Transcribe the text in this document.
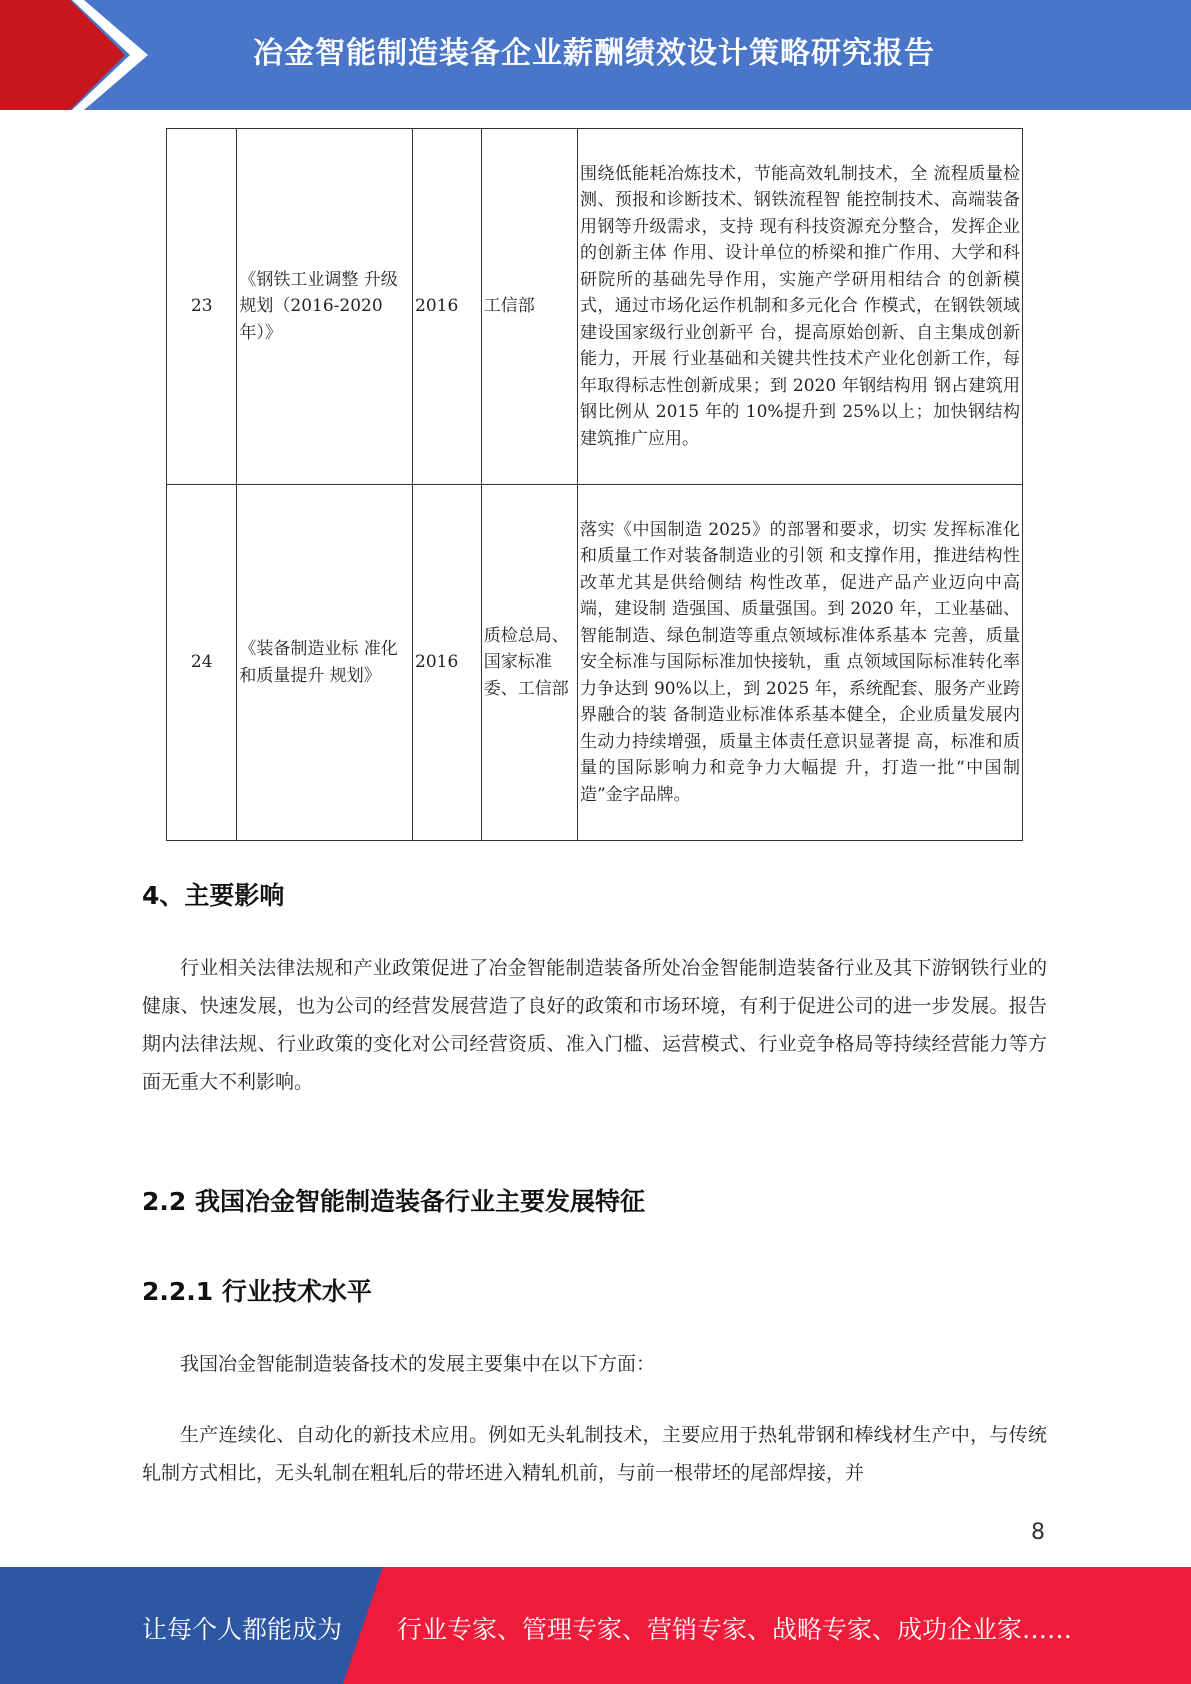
冶金智能制造装备企业薪酬绩效设计策略研究报告
23	《钢铁工业调整 升级规划（2016-2020年）》	2016	工信部	围绕低能耗冶炼技术，节能高效轧制技术，全 流程质量检测、预报和诊断技术、钢铁流程智 能控制技术、高端装备用钢等升级需求，支持 现有科技资源充分整合，发挥企业的创新主体 作用、设计单位的桥梁和推广作用、大学和科 研院所的基础先导作用，实施产学研用相结合 的创新模式，通过市场化运作机制和多元化合 作模式，在钢铁领域建设国家级行业创新平 台，提高原始创新、自主集成创新能力，开展 行业基础和关键共性技术产业化创新工作，每 年取得标志性创新成果；到 2020 年钢结构用 钢占建筑用钢比例从 2015 年的 10%提升到 25%以上；加快钢结构建筑推广应用。
24	《装备制造业标 准化和质量提升 规划》	2016	质检总局、国家标准委、工信部	落实《中国制造 2025》的部署和要求，切实 发挥标准化和质量工作对装备制造业的引领 和支撑作用，推进结构性改革尤其是供给侧结 构性改革，促进产品产业迈向中高端，建设制 造强国、质量强国。到 2020 年，工业基础、 智能制造、绿色制造等重点领域标准体系基本 完善，质量安全标准与国际标准加快接轨，重 点领域国际标准转化率力争达到 90%以上，到 2025 年，系统配套、服务产业跨界融合的装 备制造业标准体系基本健全，企业质量发展内 生动力持续增强，质量主体责任意识显著提 高，标准和质量的国际影响力和竞争力大幅提 升，打造一批“中国制造”金字品牌。
4、主要影响

行业相关法律法规和产业政策促进了冶金智能制造装备所处冶金智能制造装备行业及其下游钢铁行业的健康、快速发展，也为公司的经营发展营造了良好的政策和市场环境，有利于促进公司的进一步发展。报告期内法律法规、行业政策的变化对公司经营资质、准入门槛、运营模式、行业竞争格局等持续经营能力等方面无重大不利影响。

2.2 我国冶金智能制造装备行业主要发展特征
2.2.1 行业技术水平

我国冶金智能制造装备技术的发展主要集中在以下方面：

生产连续化、自动化的新技术应用。例如无头轧制技术，主要应用于热轧带钢和棒线材生产中，与传统轧制方式相比，无头轧制在粗轧后的带坯进入精轧机前，与前一根带坯的尾部焊接，并

8
让每个人都能成为 行业专家、管理专家、营销专家、战略专家、成功企业家……
